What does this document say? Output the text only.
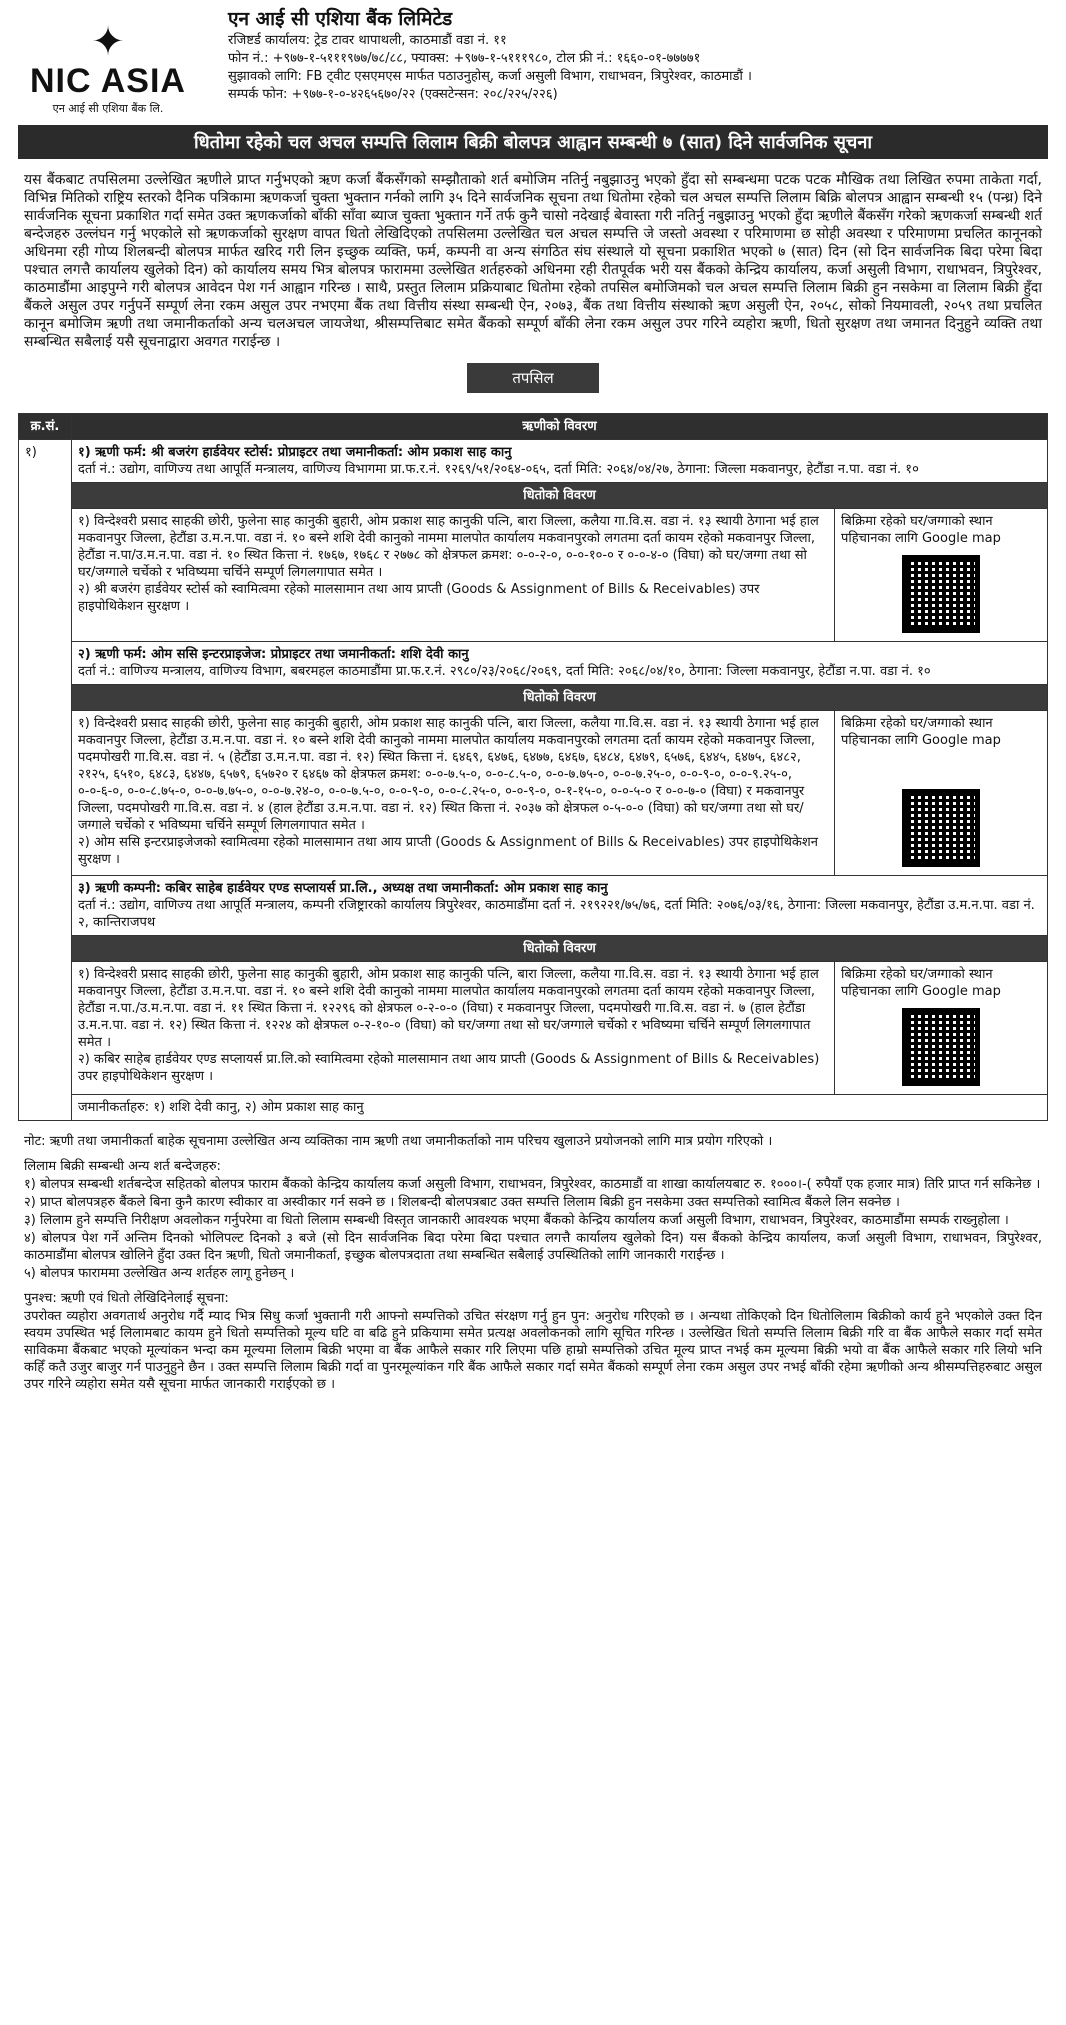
✦
NIC ASIA
एन आई सी एशिया बैंक लि.
एन आई सी एशिया बैंक लिमिटेड
रजिष्टर्ड कार्यालय: ट्रेड टावर थापाथली, काठमाडौं वडा नं. ११
फोन नं.: +९७७-१-५१११९७७/७८/८८, फ्याक्स: +९७७-१-५१११९८०, टोल फ्री नं.: १६६०-०१-७७७७१
सुझावको लागि: FB ट्वीट एसएमएस मार्फत पठाउनुहोस्, कर्जा असुली विभाग, राधाभवन, त्रिपुरेश्वर, काठमाडौं ।
सम्पर्क फोन: +९७७-१-०-४२६५६७०/२२ (एक्सटेन्सन: २०८/२२५/२२६)
धितोमा रहेको चल अचल सम्पत्ति लिलाम बिक्री बोलपत्र आह्वान सम्बन्धी ७ (सात) दिने सार्वजनिक सूचना

यस बैंकबाट तपसिलमा उल्लेखित ऋणीले प्राप्त गर्नुभएको ऋण कर्जा बैंकसँगको सम्झौताको शर्त बमोजिम नतिर्नु नबुझाउनु भएको हुँदा सो सम्बन्धमा पटक पटक मौखिक तथा लिखित रुपमा ताकेता गर्दा, विभिन्न मितिको राष्ट्रिय स्तरको दैनिक पत्रिकामा ऋणकर्जा चुक्ता भुक्तान गर्नको लागि ३५ दिने सार्वजनिक सूचना तथा धितोमा रहेको चल अचल सम्पत्ति लिलाम बिक्रि बोलपत्र आह्वान सम्बन्धी १५ (पन्ध्र) दिने सार्वजनिक सूचना प्रकाशित गर्दा समेत उक्त ऋणकर्जाको बाँकी साँवा ब्याज चुक्ता भुक्तान गर्ने तर्फ कुनै चासो नदेखाई बेवास्ता गरी नतिर्नु नबुझाउनु भएको हुँदा ऋणीले बैंकसँग गरेको ऋणकर्जा सम्बन्धी शर्त बन्देजहरु उल्लंघन गर्नु भएकोले सो ऋणकर्जाको सुरक्षण वापत धितो लेखिदिएको तपसिलमा उल्लेखित चल अचल सम्पत्ति जे जस्तो अवस्था र परिमाणमा छ सोही अवस्था र परिमाणमा प्रचलित कानूनको अधिनमा रही गोप्य शिलबन्दी बोलपत्र मार्फत खरिद गरी लिन इच्छुक व्यक्ति, फर्म, कम्पनी वा अन्य संगठित संघ संस्थाले यो सूचना प्रकाशित भएको ७ (सात) दिन (सो दिन सार्वजनिक बिदा परेमा बिदा पश्चात लगत्तै कार्यालय खुलेको दिन) को कार्यालय समय भित्र बोलपत्र फाराममा उल्लेखित शर्तहरुको अधिनमा रही रीतपूर्वक भरी यस बैंकको केन्द्रिय कार्यालय, कर्जा असुली विभाग, राधाभवन, त्रिपुरेश्वर, काठमाडौंमा आइपुग्ने गरी बोलपत्र आवेदन पेश गर्न आह्वान गरिन्छ । साथै, प्रस्तुत लिलाम प्रक्रियाबाट धितोमा रहेको तपसिल बमोजिमको चल अचल सम्पत्ति लिलाम बिक्री हुन नसकेमा वा लिलाम बिक्री हुँदा बैंकले असुल उपर गर्नुपर्ने सम्पूर्ण लेना रकम असुल उपर नभएमा बैंक तथा वित्तीय संस्था सम्बन्धी ऐन, २०७३, बैंक तथा वित्तीय संस्थाको ऋण असुली ऐन, २०५८, सोको नियमावली, २०५९ तथा प्रचलित कानून बमोजिम ऋणी तथा जमानीकर्ताको अन्य चलअचल जायजेथा, श्रीसम्पत्तिबाट समेत बैंकको सम्पूर्ण बाँकी लेना रकम असुल उपर गरिने व्यहोरा ऋणी, धितो सुरक्षण तथा जमानत दिनुहुने व्यक्ति तथा सम्बन्धित सबैलाई यसै सूचनाद्वारा अवगत गराईन्छ ।

तपसिल
क्र.सं.	ऋणीको विवरण	
१)	१) ऋणी फर्म: श्री बजरंग हार्डवेयर स्टोर्स: प्रोप्राइटर तथा जमानीकर्ता: ओम प्रकाश साह कानु
दर्ता नं.: उद्योग, वाणिज्य तथा आपूर्ति मन्त्रालय, वाणिज्य विभागमा प्रा.फ.र.नं. १२६९/५१/२०६४-०६५, दर्ता मिति: २०६४/०४/२७, ठेगाना: जिल्ला मकवानपुर, हेटौंडा न.पा. वडा नं. १०	
	धितोको विवरण	

	१) विन्देश्वरी प्रसाद साहकी छोरी, फुलेना साह कानुकी बुहारी, ओम प्रकाश साह कानुकी पत्नि, बारा जिल्ला, कलैया गा.वि.स. वडा नं. १३ स्थायी ठेगाना भई हाल मकवानपुर जिल्ला, हेटौंडा उ.म.न.पा. वडा नं. १० बस्ने शशि देवी कानुको नाममा मालपोत कार्यालय मकवानपुरको लगतमा दर्ता कायम रहेको मकवानपुर जिल्ला, हेटौंडा न.पा/उ.म.न.पा. वडा नं. १० स्थित कित्ता नं. १७६७, १७६८ र २७७८ को क्षेत्रफल क्रमश: ०-०-२-०, ०-०-१०-० र ०-०-४-० (विघा) को घर/जग्गा तथा सो घर/जग्गाले चर्चेको र भविष्यमा चर्चिने सम्पूर्ण लिगलगापात समेत ।
२) श्री बजरंग हार्डवेयर स्टोर्स को स्वामित्वमा रहेको मालसामान तथा आय प्राप्ती (Goods & Assignment of Bills & Receivables) उपर हाइपोथिकेशन सुरक्षण ।	बिक्रिमा रहेको घर/जग्गाको स्थान पहिचानका लागि Google map

	२) ऋणी फर्म: ओम ससि इन्टरप्राइजेज: प्रोप्राइटर तथा जमानीकर्ता: शशि देवी कानु
दर्ता नं.: वाणिज्य मन्त्रालय, वाणिज्य विभाग, बबरमहल काठमाडौंमा प्रा.फ.र.नं. २९८०/२३/२०६८/२०६९, दर्ता मिति: २०६८/०४/१०, ठेगाना: जिल्ला मकवानपुर, हेटौंडा न.पा. वडा नं. १०	
	धितोको विवरण	

	१) विन्देश्वरी प्रसाद साहकी छोरी, फुलेना साह कानुकी बुहारी, ओम प्रकाश साह कानुकी पत्नि, बारा जिल्ला, कलैया गा.वि.स. वडा नं. १३ स्थायी ठेगाना भई हाल मकवानपुर जिल्ला, हेटौंडा उ.म.न.पा. वडा नं. १० बस्ने शशि देवी कानुको नाममा मालपोत कार्यालय मकवानपुरको लगतमा दर्ता कायम रहेको मकवानपुर जिल्ला, पदमपोखरी गा.वि.स. वडा नं. ५ (हेटौंडा उ.म.न.पा. वडा नं. १२) स्थित कित्ता नं. ६४६९, ६४७६, ६४७७, ६४६७, ६४८४, ६४७९, ६५७६, ६४४५, ६४७५, ६४८२, २१२५, ६५१०, ६४८३, ६४४७, ६५७९, ६५७२० र ६४६७ को क्षेत्रफल क्रमश: ०-०-७.५-०, ०-०-८.५-०, ०-०-७.७५-०, ०-०-७.२५-०, ०-०-९-०, ०-०-९.२५-०, ०-०-६-०, ०-०-८.७५-०, ०-०-७.७५-०, ०-०-७.२४-०, ०-०-७.५-०, ०-०-९-०, ०-०-८.२५-०, ०-०-९-०, ०-१-१५-०, ०-०-५-० र ०-०-७-० (विघा) र मकवानपुर जिल्ला, पदमपोखरी गा.वि.स. वडा नं. ४ (हाल हेटौंडा उ.म.न.पा. वडा नं. १२) स्थित कित्ता नं. २०३७ को क्षेत्रफल ०-५-०-० (विघा) को घर/जग्गा तथा सो घर/जग्गाले चर्चेको र भविष्यमा चर्चिने सम्पूर्ण लिगलगापात समेत ।
२) ओम ससि इन्टरप्राइजेजको स्वामित्वमा रहेको मालसामान तथा आय प्राप्ती (Goods & Assignment of Bills & Receivables) उपर हाइपोथिकेशन सुरक्षण ।	बिक्रिमा रहेको घर/जग्गाको स्थान पहिचानका लागि Google map

	३) ऋणी कम्पनी: कबिर साहेब हार्डवेयर एण्ड सप्लायर्स प्रा.लि., अध्यक्ष तथा जमानीकर्ता: ओम प्रकाश साह कानु
दर्ता नं.: उद्योग, वाणिज्य तथा आपूर्ति मन्त्रालय, कम्पनी रजिष्ट्रारको कार्यालय त्रिपुरेश्वर, काठमाडौंमा दर्ता नं. २१९२२१/७५/७६, दर्ता मिति: २०७६/०३/१६, ठेगाना: जिल्ला मकवानपुर, हेटौंडा उ.म.न.पा. वडा नं. २, कान्तिराजपथ	
	धितोको विवरण	

	१) विन्देश्वरी प्रसाद साहकी छोरी, फुलेना साह कानुकी बुहारी, ओम प्रकाश साह कानुकी पत्नि, बारा जिल्ला, कलैया गा.वि.स. वडा नं. १३ स्थायी ठेगाना भई हाल मकवानपुर जिल्ला, हेटौंडा उ.म.न.पा. वडा नं. १० बस्ने शशि देवी कानुको नाममा मालपोत कार्यालय मकवानपुरको लगतमा दर्ता कायम रहेको मकवानपुर जिल्ला, हेटौंडा न.पा./उ.म.न.पा. वडा नं. ११ स्थित कित्ता नं. १२२९६ को क्षेत्रफल ०-२-०-० (विघा) र मकवानपुर जिल्ला, पदमपोखरी गा.वि.स. वडा नं. ७ (हाल हेटौंडा उ.म.न.पा. वडा नं. १२) स्थित कित्ता नं. १२२४ को क्षेत्रफल ०-२-१०-० (विघा) को घर/जग्गा तथा सो घर/जग्गाले चर्चेको र भविष्यमा चर्चिने सम्पूर्ण लिगलगापात समेत ।
२) कबिर साहेब हार्डवेयर एण्ड सप्लायर्स प्रा.लि.को स्वामित्वमा रहेको मालसामान तथा आय प्राप्ती (Goods & Assignment of Bills & Receivables) उपर हाइपोथिकेशन सुरक्षण ।	बिक्रिमा रहेको घर/जग्गाको स्थान पहिचानका लागि Google map

	जमानीकर्ताहरु: १) शशि देवी कानु, २) ओम प्रकाश साह कानु	
नोट: ऋणी तथा जमानीकर्ता बाहेक सूचनामा उल्लेखित अन्य व्यक्तिका नाम ऋणी तथा जमानीकर्ताको नाम परिचय खुलाउने प्रयोजनको लागि मात्र प्रयोग गरिएको ।
लिलाम बिक्री सम्बन्धी अन्य शर्त बन्देजहरु:
१) बोलपत्र सम्बन्धी शर्तबन्देज सहितको बोलपत्र फाराम बैंकको केन्द्रिय कार्यालय कर्जा असुली विभाग, राधाभवन, त्रिपुरेश्वर, काठमाडौं वा शाखा कार्यालयबाट रु. १०००।-( रुपैयाँ एक हजार मात्र) तिरि प्राप्त गर्न सकिनेछ ।
२) प्राप्त बोलपत्रहरु बैंकले बिना कुनै कारण स्वीकार वा अस्वीकार गर्न सक्ने छ । शिलबन्दी बोलपत्रबाट उक्त सम्पत्ति लिलाम बिक्री हुन नसकेमा उक्त सम्पत्तिको स्वामित्व बैंकले लिन सक्नेछ ।
३) लिलाम हुने सम्पत्ति निरीक्षण अवलोकन गर्नुपरेमा वा धितो लिलाम सम्बन्धी विस्तृत जानकारी आवश्यक भएमा बैंकको केन्द्रिय कार्यालय कर्जा असुली विभाग, राधाभवन, त्रिपुरेश्वर, काठमाडौंमा सम्पर्क राख्नुहोला ।
४) बोलपत्र पेश गर्ने अन्तिम दिनको भोलिपल्ट दिनको ३ बजे (सो दिन सार्वजनिक बिदा परेमा बिदा पश्चात लगत्तै कार्यालय खुलेको दिन) यस बैंकको केन्द्रिय कार्यालय, कर्जा असुली विभाग, राधाभवन, त्रिपुरेश्वर, काठमाडौंमा बोलपत्र खोलिने हुँदा उक्त दिन ऋणी, धितो जमानीकर्ता, इच्छुक बोलपत्रदाता तथा सम्बन्धित सबैलाई उपस्थितिको लागि जानकारी गराईन्छ ।
५) बोलपत्र फाराममा उल्लेखित अन्य शर्तहरु लागू हुनेछन् ।
पुनश्च: ऋणी एवं धितो लेखिदिनेलाई सूचना:
उपरोक्त व्यहोरा अवगतार्थ अनुरोध गर्दै म्याद भित्र सिधु कर्जा भुक्तानी गरी आफ्नो सम्पत्तिको उचित संरक्षण गर्नु हुन पुन: अनुरोध गरिएको छ । अन्यथा तोकिएको दिन धितोलिलाम बिक्रीको कार्य हुने भएकोले उक्त दिन स्वयम उपस्थित भई लिलामबाट कायम हुने धितो सम्पत्तिको मूल्य घटि वा बढि हुने प्रकियामा समेत प्रत्यक्ष अवलोकनको लागि सूचित गरिन्छ । उल्लेखित धितो सम्पत्ति लिलाम बिक्री गरि वा बैंक आफैले सकार गर्दा समेत साविकमा बैंकबाट भएको मूल्यांकन भन्दा कम मूल्यमा लिलाम बिक्री भएमा वा बैंक आफैले सकार गरि लिएमा पछि हाम्रो सम्पत्तिको उचित मूल्य प्राप्त नभई कम मूल्यमा बिक्री भयो वा बैंक आफैले सकार गरि लियो भनि कहिँ कतै उजुर बाजुर गर्न पाउनुहुने छैन । उक्त सम्पत्ति लिलाम बिक्री गर्दा वा पुनरमूल्यांकन गरि बैंक आफैले सकार गर्दा समेत बैंकको सम्पूर्ण लेना रकम असुल उपर नभई बाँकी रहेमा ऋणीको अन्य श्रीसम्पत्तिहरुबाट असुल उपर गरिने व्यहोरा समेत यसै सूचना मार्फत जानकारी गराईएको छ ।
